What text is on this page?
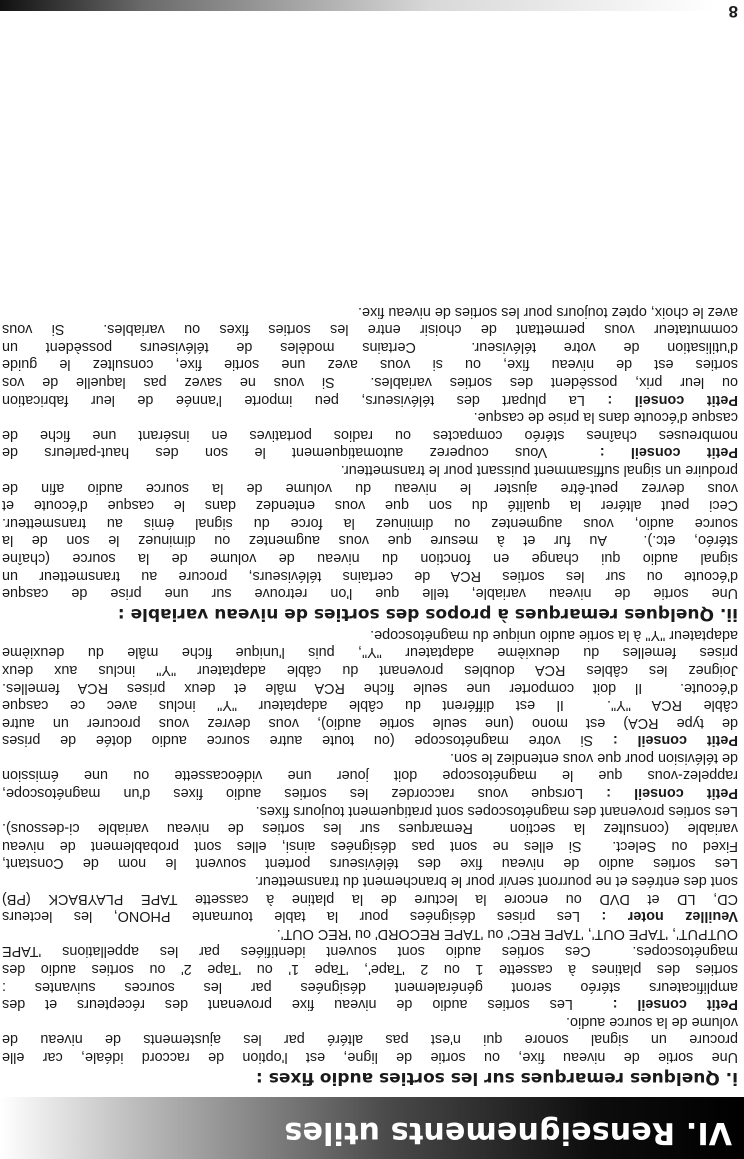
VI. Renseignements utiles
i. Quelques remarques sur les sorties audio fixes :

Une sortie de niveau fixe, ou sortie de ligne, est l'option de raccord idéale, car elle
procure un signal sonore qui n'est pas altéré par les ajustements de niveau de
volume de la source audio.

Petit conseil :  Les sorties audio de niveau fixe provenant des récepteurs et des
amplificateurs stéréo seront généralement désignées par les sources suivantes :
sorties des platines à cassette 1 ou 2 'Tape', 'Tape 1' ou 'Tape 2' ou sorties audio des
magnétoscopes.  Ces sorties audio sont souvent identifiées par les appellations 'TAPE
OUTPUT', 'TAPE OUT', 'TAPE REC' ou 'TAPE RECORD' ou 'REC OUT'.

Veuillez noter : Les prises désignées pour la table tournante PHONO, les lecteurs
CD, LD et DVD ou encore la lecture de la platine à cassette TAPE PLAYBACK (PB)
sont des entrées et ne pourront servir pour le branchement du transmetteur.

Les sorties audio de niveau fixe des téléviseurs portent souvent le nom de Constant,
Fixed ou Select.  Si elles ne sont pas désignées ainsi, elles sont probablement de niveau
variable (consultez la section  Remarques sur les sorties de niveau variable ci-dessous).
Les sorties provenant des magnétoscopes sont pratiquement toujours fixes.

Petit conseil : Lorsque vous raccordez les sorties audio fixes d'un magnétoscope,
rappelez-vous que le magnétoscope doit jouer une vidéocassette ou une émission
de télévision pour que vous entendiez le son.

Petit conseil : Si votre magnétoscope (ou toute autre source audio dotée de prises
de type RCA) est mono (une seule sortie audio), vous devrez vous procurer un autre
câble RCA "Y".  Il est différent du câble adaptateur "Y" inclus avec ce casque
d'écoute.  Il doit comporter une seule fiche RCA mâle et deux prises RCA femelles.
Joignez les câbles RCA doubles provenant du câble adaptateur "Y" inclus aux deux
prises femelles du deuxième adaptateur "Y", puis l'unique fiche mâle du deuxième
adaptateur "Y" à la sortie audio unique du magnétoscope.

ii. Quelques remarques à propos des sorties de niveau variable :

Une sortie de niveau variable, telle que l'on retrouve sur une prise de casque
d'écoute ou sur les sorties RCA de certains téléviseurs, procure au transmetteur un
signal audio qui change en fonction du niveau de volume de la source (chaîne
stéréo, etc.).  Au fur et à mesure que vous augmentez ou diminuez le son de la
source audio, vous augmentez ou diminuez la force du signal émis au transmetteur.
Ceci peut altérer la qualité du son que vous entendez dans le casque d'écoute et
vous devrez peut-être ajuster le niveau du volume de la source audio afin de
produire un signal suffisamment puissant pour le transmetteur.

Petit conseil :  Vous couperez automatiquement le son des haut-parleurs de
nombreuses chaînes stéréo compactes ou radios portatives en insérant une fiche de
casque d'écoute dans la prise de casque.

Petit conseil : La plupart des téléviseurs, peu importe l'année de leur fabrication
ou leur prix, possèdent des sorties variables.  Si vous ne savez pas laquelle de vos
sorties est de niveau fixe, ou si vous avez une sortie fixe, consultez le guide
d'utilisation de votre téléviseur.  Certains modèles de téléviseurs possèdent un
commutateur vous permettant de choisir entre les sorties fixes ou variables.  Si vous
avez le choix, optez toujours pour les sorties de niveau fixe.

8
